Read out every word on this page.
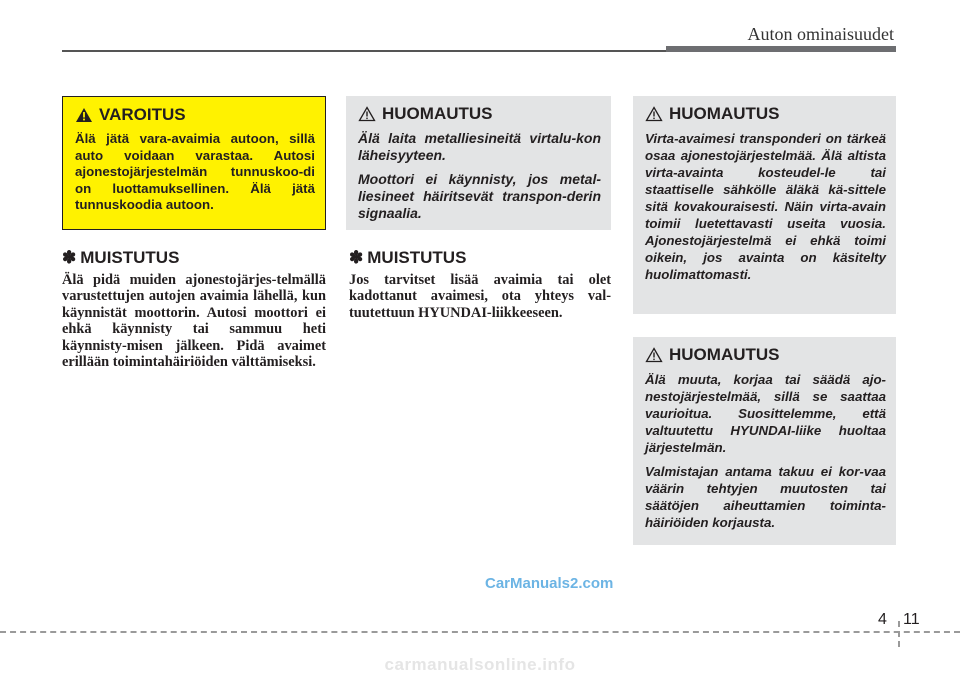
Auton ominaisuudet
VAROITUS

Älä jätä vara-avaimia autoon, sillä auto voidaan varastaa. Autosi ajonestojärjestelmän tunnuskoo-di on luottamuksellinen. Älä jätä tunnuskoodia autoon.

✽ MUISTUTUS

Älä pidä muiden ajonestojärjes-telmällä varustettujen autojen avaimia lähellä, kun käynnistät moottorin. Autosi moottori ei ehkä käynnisty tai sammuu heti käynnisty-misen jälkeen. Pidä avaimet erillään toimintahäiriöiden välttämiseksi.

HUOMAUTUS

Älä laita metalliesineitä virtalu-kon läheisyyteen.

Moottori ei käynnisty, jos metal-liesineet häiritsevät transpon-derin signaalia.

✽ MUISTUTUS

Jos tarvitset lisää avaimia tai olet kadottanut avaimesi, ota yhteys val-tuutettuun HYUNDAI-liikkeeseen.

HUOMAUTUS

Virta-avaimesi transponderi on tärkeä osaa ajonestojärjestelmää. Älä altista virta-avainta kosteudel-le tai staattiselle sähkölle äläkä kä-sittele sitä kovakouraisesti. Näin virta-avain toimii luetettavasti useita vuosia. Ajonestojärjestelmä ei ehkä toimi oikein, jos avainta on käsitelty huolimattomasti.

HUOMAUTUS

Älä muuta, korjaa tai säädä ajo-nestojärjestelmää, sillä se saattaa vaurioitua. Suosittelemme, että valtuutettu HYUNDAI-liike huoltaa järjestelmän.

Valmistajan antama takuu ei kor-vaa väärin tehtyjen muutosten tai säätöjen aiheuttamien toiminta-häiriöiden korjausta.

CarManuals2.com
4 11
carmanualsonline.info
